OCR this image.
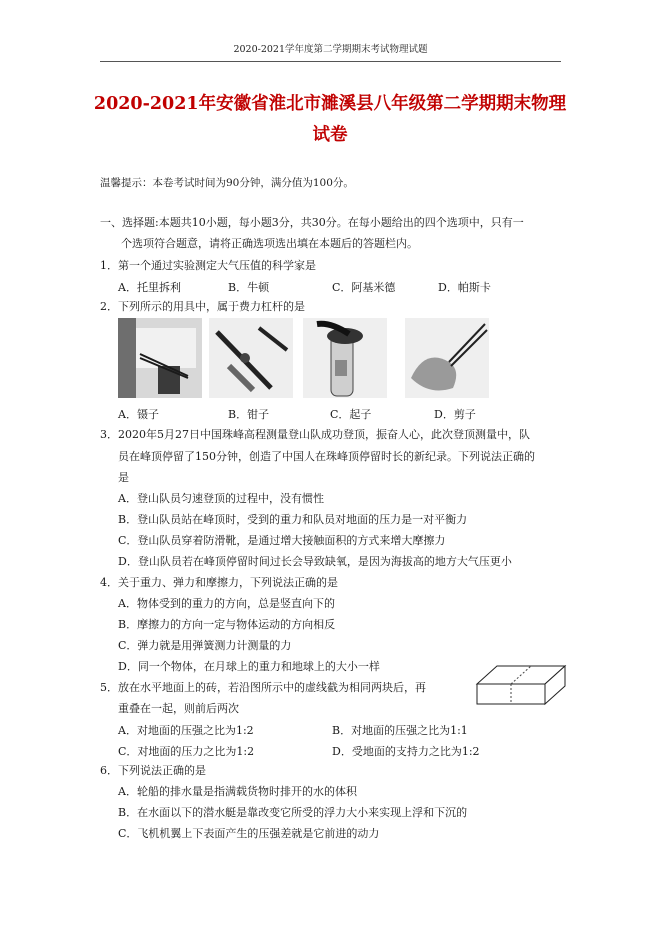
2020-2021学年度第二学期期末考试物理试题
2020-2021年安徽省淮北市濉溪县八年级第二学期期末物理
试卷
温馨提示：本卷考试时间为90分钟，满分值为100分。
一、选择题:本题共10小题，每小题3分，共30分。在每小题给出的四个选项中，只有一
个选项符合题意，请将正确选项选出填在本题后的答题栏内。
1．第一个通过实验测定大气压值的科学家是
A．托里拆利	B．牛顿	C．阿基米德	D．帕斯卡
2．下列所示的用具中，属于费力杠杆的是
A．镊子	B．钳子	C．起子	D．剪子
3．2020年5月27日中国珠峰高程测量登山队成功登顶，振奋人心，此次登顶测量中，队
员在峰顶停留了150分钟，创造了中国人在珠峰顶停留时长的新纪录。下列说法正确的
是
A．登山队员匀速登顶的过程中，没有惯性
B．登山队员站在峰顶时，受到的重力和队员对地面的压力是一对平衡力
C．登山队员穿着防滑靴，是通过增大接触面积的方式来增大摩擦力
D．登山队员若在峰顶停留时间过长会导致缺氧，是因为海拔高的地方大气压更小
4．关于重力、弹力和摩擦力，下列说法正确的是
A．物体受到的重力的方向，总是竖直向下的
B．摩擦力的方向一定与物体运动的方向相反
C．弹力就是用弹簧测力计测量的力
D．同一个物体，在月球上的重力和地球上的大小一样
5．放在水平地面上的砖，若沿图所示中的虚线截为相同两块后，再
重叠在一起，则前后两次
A．对地面的压强之比为1:2	B．对地面的压强之比为1:1
C．对地面的压力之比为1:2	D．受地面的支持力之比为1:2
6．下列说法正确的是
A．轮船的排水量是指满载货物时排开的水的体积
B．在水面以下的潜水艇是靠改变它所受的浮力大小来实现上浮和下沉的
C．飞机机翼上下表面产生的压强差就是它前进的动力
